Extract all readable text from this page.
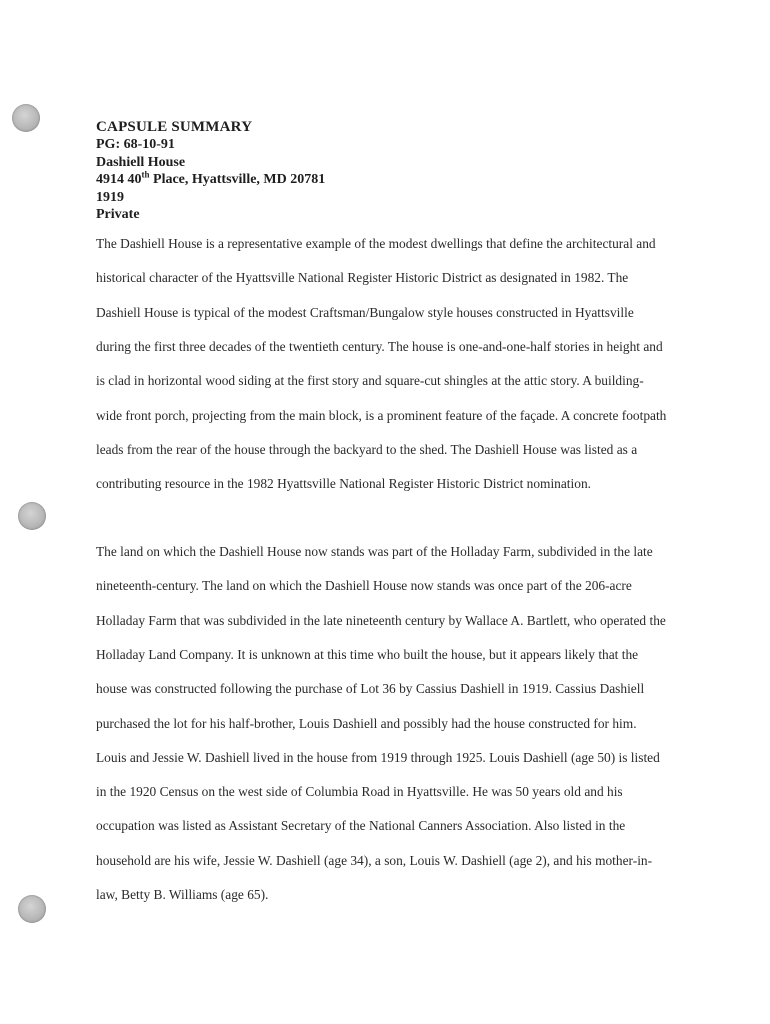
CAPSULE SUMMARY
PG: 68-10-91
Dashiell House
4914 40th Place, Hyattsville, MD 20781
1919
Private
The Dashiell House is a representative example of the modest dwellings that define the architectural and
historical character of the Hyattsville National Register Historic District as designated in 1982. The
Dashiell House is typical of the modest Craftsman/Bungalow style houses constructed in Hyattsville
during the first three decades of the twentieth century. The house is one-and-one-half stories in height and
is clad in horizontal wood siding at the first story and square-cut shingles at the attic story. A building-
wide front porch, projecting from the main block, is a prominent feature of the façade. A concrete footpath
leads from the rear of the house through the backyard to the shed. The Dashiell House was listed as a
contributing resource in the 1982 Hyattsville National Register Historic District nomination.
The land on which the Dashiell House now stands was part of the Holladay Farm, subdivided in the late
nineteenth-century. The land on which the Dashiell House now stands was once part of the 206-acre
Holladay Farm that was subdivided in the late nineteenth century by Wallace A. Bartlett, who operated the
Holladay Land Company. It is unknown at this time who built the house, but it appears likely that the
house was constructed following the purchase of Lot 36 by Cassius Dashiell in 1919. Cassius Dashiell
purchased the lot for his half-brother, Louis Dashiell and possibly had the house constructed for him.
Louis and Jessie W. Dashiell lived in the house from 1919 through 1925. Louis Dashiell (age 50) is listed
in the 1920 Census on the west side of Columbia Road in Hyattsville. He was 50 years old and his
occupation was listed as Assistant Secretary of the National Canners Association. Also listed in the
household are his wife, Jessie W. Dashiell (age 34), a son, Louis W. Dashiell (age 2), and his mother-in-
law, Betty B. Williams (age 65).
